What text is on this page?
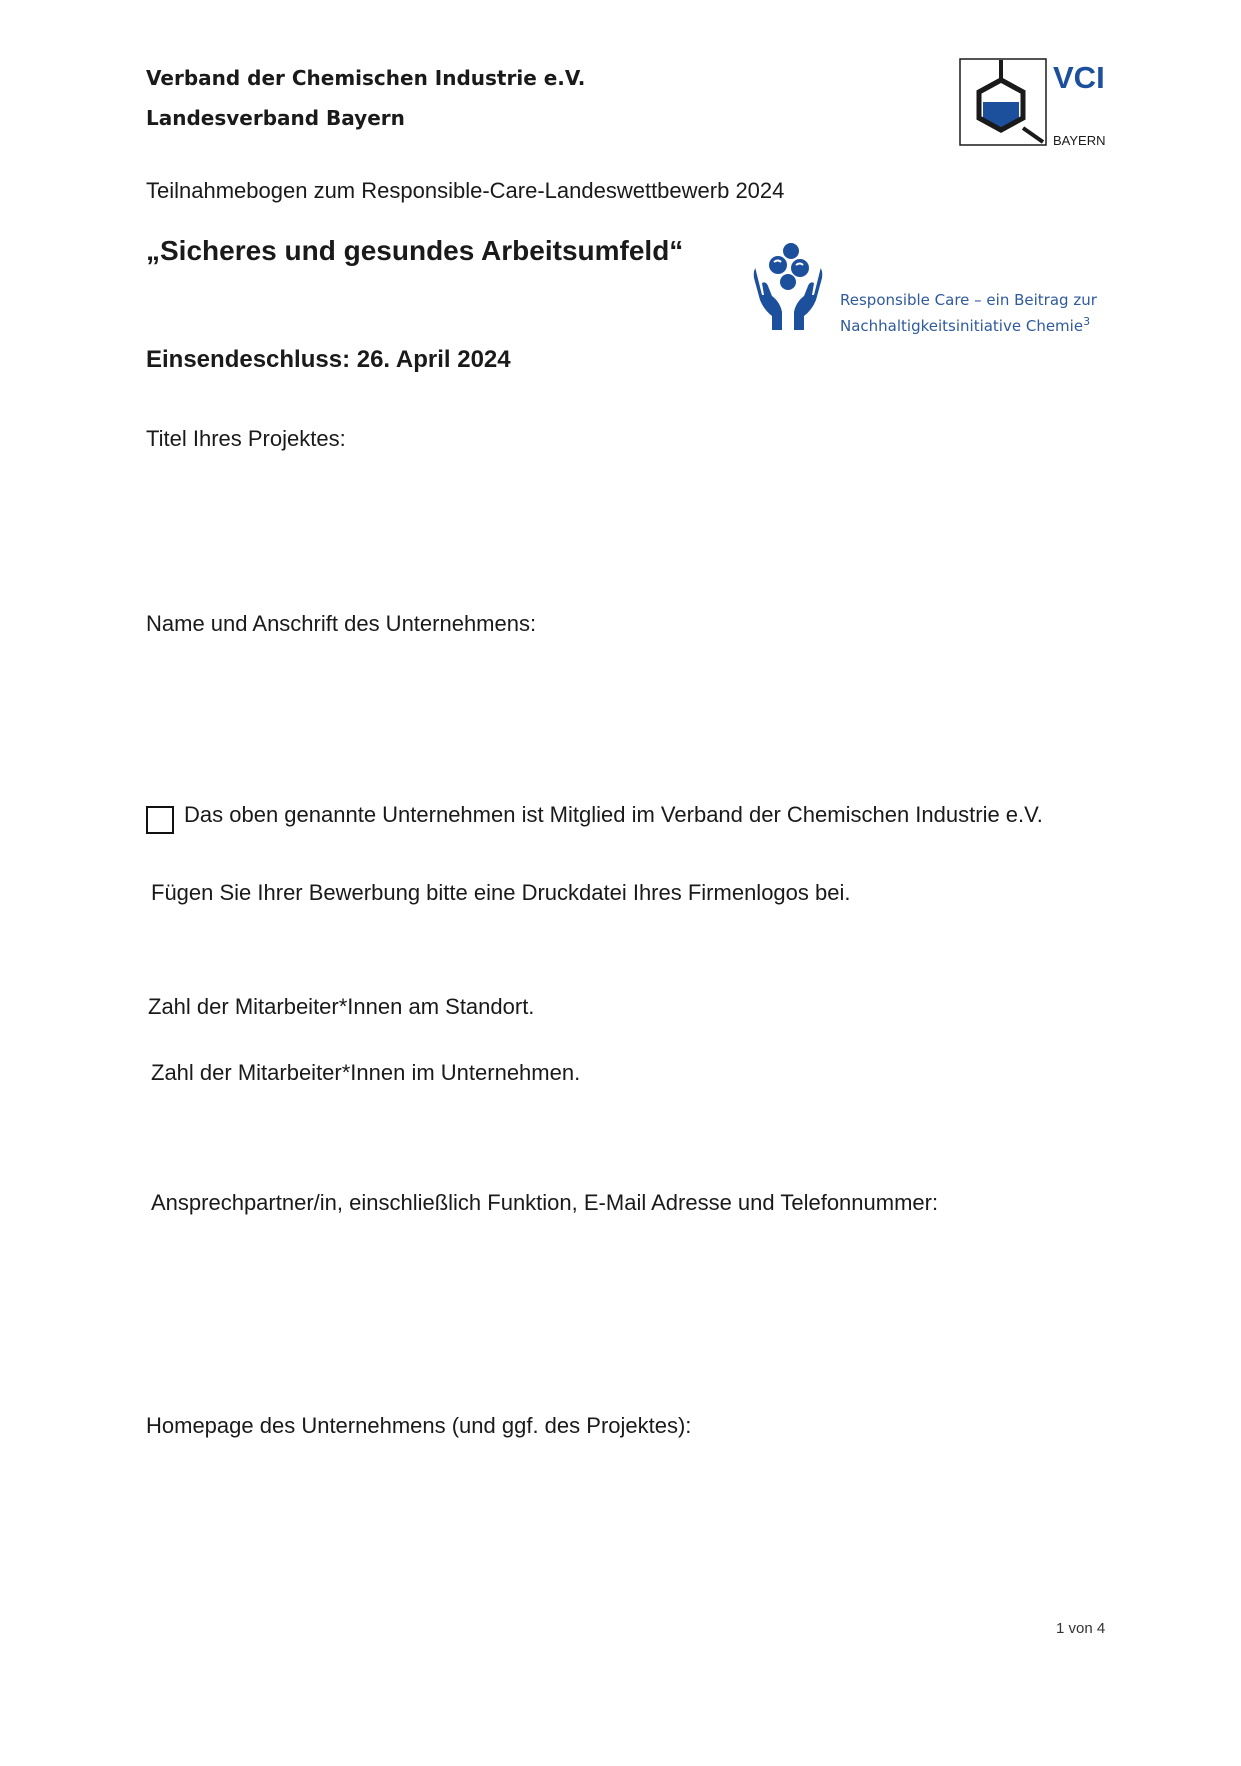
Verband der Chemischen Industrie e.V.
Landesverband Bayern
VCI
BAYERN
Teilnahmebogen zum Responsible-Care-Landeswettbewerb 2024
„Sicheres und gesundes Arbeitsumfeld“
Responsible Care – ein Beitrag zur
Nachhaltigkeitsinitiative Chemie$^3$
Einsendeschluss: 26. April 2024
Titel Ihres Projektes:
Name und Anschrift des Unternehmens:
Das oben genannte Unternehmen ist Mitglied im Verband der Chemischen Industrie e.V.
Fügen Sie Ihrer Bewerbung bitte eine Druckdatei Ihres Firmenlogos bei.
Zahl der Mitarbeiter*Innen am Standort.
Zahl der Mitarbeiter*Innen im Unternehmen.
Ansprechpartner/in, einschließlich Funktion, E-Mail Adresse und Telefonnummer:
Homepage des Unternehmens (und ggf. des Projektes):
1 von 4
